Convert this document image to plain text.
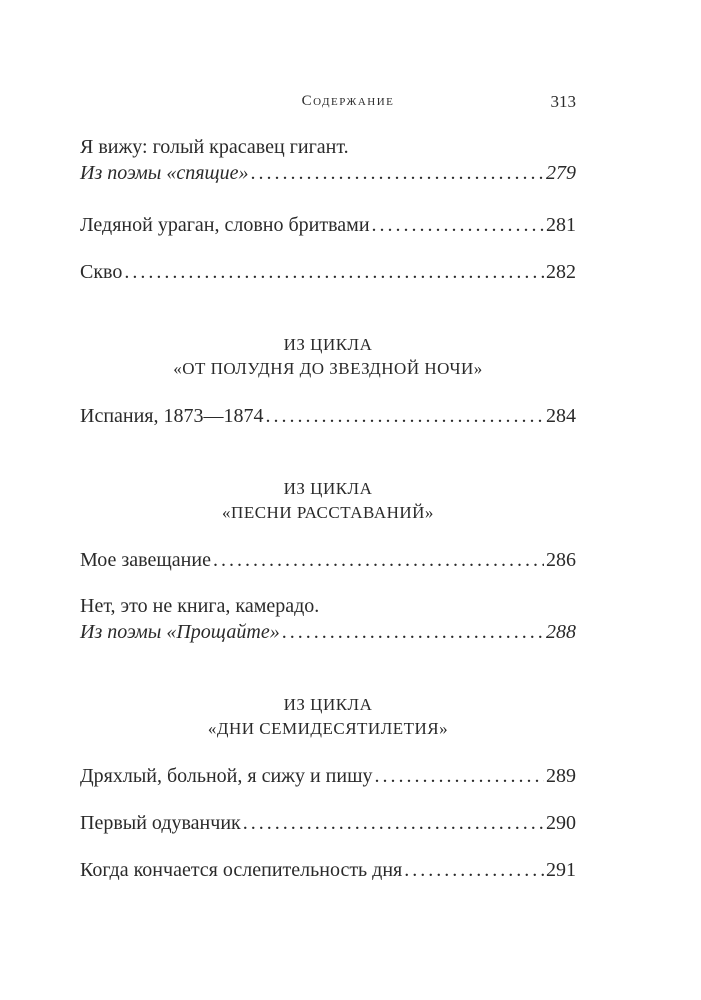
Содержание	313
Я вижу: голый красавец гигант.
Из поэмы «спящие» .....	279
Ледяной ураган, словно бритвами .....	281
Скво .....	282
ИЗ ЦИКЛА
«ОТ ПОЛУДНЯ ДО ЗВЕЗДНОЙ НОЧИ»
Испания, 1873—1874 .....	284
ИЗ ЦИКЛА
«ПЕСНИ РАССТАВАНИЙ»
Мое завещание .....	286
Нет, это не книга, камерадо.
Из поэмы «Прощайте» .....	288
ИЗ ЦИКЛА
«ДНИ СЕМИДЕСЯТИЛЕТИЯ»
Дряхлый, больной, я сижу и пишу .....	289
Первый одуванчик .....	290
Когда кончается ослепительность дня .....	291
